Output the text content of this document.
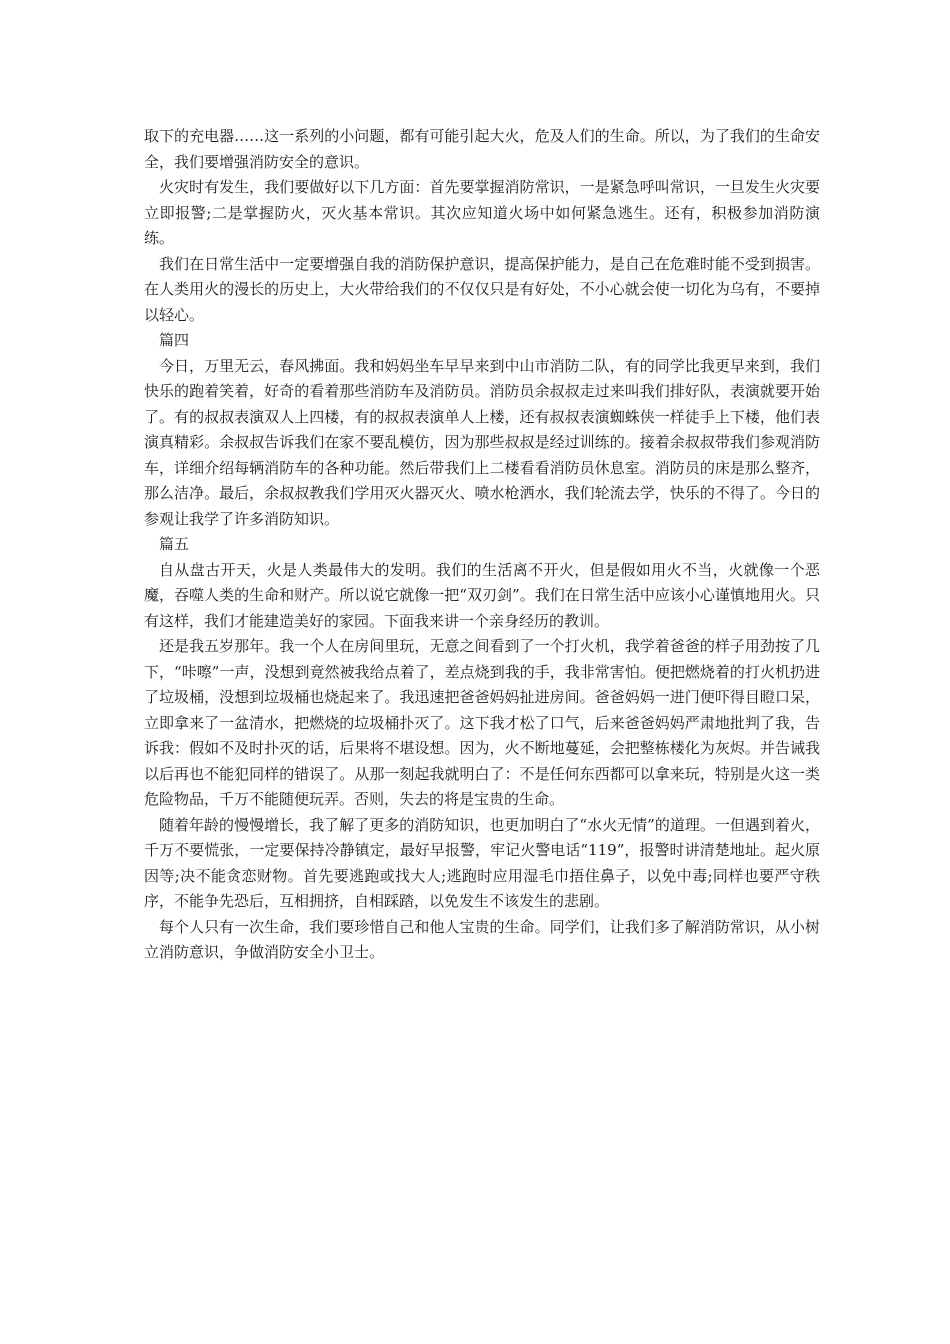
取下的充电器……这一系列的小问题，都有可能引起大火，危及人们的生命。所以，为了我们的生命安全，我们要增强消防安全的意识。

火灾时有发生，我们要做好以下几方面：首先要掌握消防常识，一是紧急呼叫常识，一旦发生火灾要立即报警;二是掌握防火，灭火基本常识。其次应知道火场中如何紧急逃生。还有，积极参加消防演练。

我们在日常生活中一定要增强自我的消防保护意识，提高保护能力，是自己在危难时能不受到损害。在人类用火的漫长的历史上，大火带给我们的不仅仅只是有好处，不小心就会使一切化为乌有，不要掉以轻心。

篇四

今日，万里无云，春风拂面。我和妈妈坐车早早来到中山市消防二队，有的同学比我更早来到，我们快乐的跑着笑着，好奇的看着那些消防车及消防员。消防员余叔叔走过来叫我们排好队，表演就要开始了。有的叔叔表演双人上四楼，有的叔叔表演单人上楼，还有叔叔表演蜘蛛侠一样徒手上下楼，他们表演真精彩。余叔叔告诉我们在家不要乱模仿，因为那些叔叔是经过训练的。接着余叔叔带我们参观消防车，详细介绍每辆消防车的各种功能。然后带我们上二楼看看消防员休息室。消防员的床是那么整齐，那么洁净。最后，余叔叔教我们学用灭火器灭火、喷水枪洒水，我们轮流去学，快乐的不得了。今日的参观让我学了许多消防知识。

篇五

自从盘古开天，火是人类最伟大的发明。我们的生活离不开火，但是假如用火不当，火就像一个恶魔，吞噬人类的生命和财产。所以说它就像一把“双刃剑”。我们在日常生活中应该小心谨慎地用火。只有这样，我们才能建造美好的家园。下面我来讲一个亲身经历的教训。

还是我五岁那年。我一个人在房间里玩，无意之间看到了一个打火机，我学着爸爸的样子用劲按了几下，“咔嚓”一声，没想到竟然被我给点着了，差点烧到我的手，我非常害怕。便把燃烧着的打火机扔进了垃圾桶，没想到垃圾桶也烧起来了。我迅速把爸爸妈妈扯进房间。爸爸妈妈一进门便吓得目瞪口呆，立即拿来了一盆清水，把燃烧的垃圾桶扑灭了。这下我才松了口气，后来爸爸妈妈严肃地批判了我，告诉我：假如不及时扑灭的话，后果将不堪设想。因为，火不断地蔓延，会把整栋楼化为灰烬。并告诫我以后再也不能犯同样的错误了。从那一刻起我就明白了：不是任何东西都可以拿来玩，特别是火这一类危险物品，千万不能随便玩弄。否则，失去的将是宝贵的生命。

随着年龄的慢慢增长，我了解了更多的消防知识，也更加明白了“水火无情”的道理。一但遇到着火，千万不要慌张，一定要保持冷静镇定，最好早报警，牢记火警电话“119”，报警时讲清楚地址。起火原因等;决不能贪恋财物。首先要逃跑或找大人;逃跑时应用湿毛巾捂住鼻子，以免中毒;同样也要严守秩序，不能争先恐后，互相拥挤，自相踩踏，以免发生不该发生的悲剧。

每个人只有一次生命，我们要珍惜自己和他人宝贵的生命。同学们，让我们多了解消防常识，从小树立消防意识，争做消防安全小卫士。
